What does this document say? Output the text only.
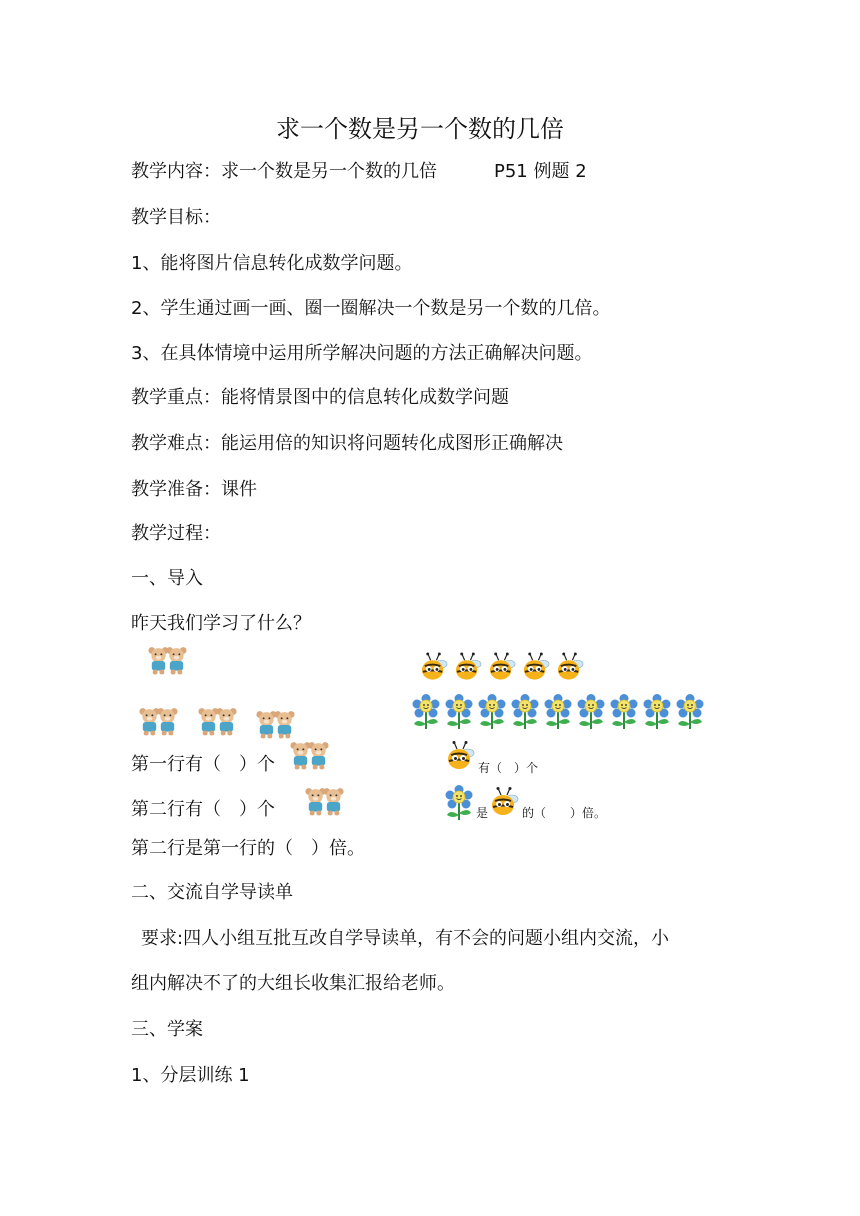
求一个数是另一个数的几倍
教学内容：求一个数是另一个数的几倍	P51 例题 2
教学目标：
1、能将图片信息转化成数学问题。
2、学生通过画一画、圈一圈解决一个数是另一个数的几倍。
3、在具体情境中运用所学解决问题的方法正确解决问题。
教学重点：能将情景图中的信息转化成数学问题
教学难点：能运用倍的知识将问题转化成图形正确解决
教学准备：课件
教学过程：
一、导入
昨天我们学习了什么？
第一行有（　）个
第二行有（　）个
第二行是第一行的（　）倍。
有（　）个
是	的（　　）倍。
二、交流自学导读单
要求:四人小组互批互改自学导读单，有不会的问题小组内交流，小
组内解决不了的大组长收集汇报给老师。
三、学案
1、分层训练 1
